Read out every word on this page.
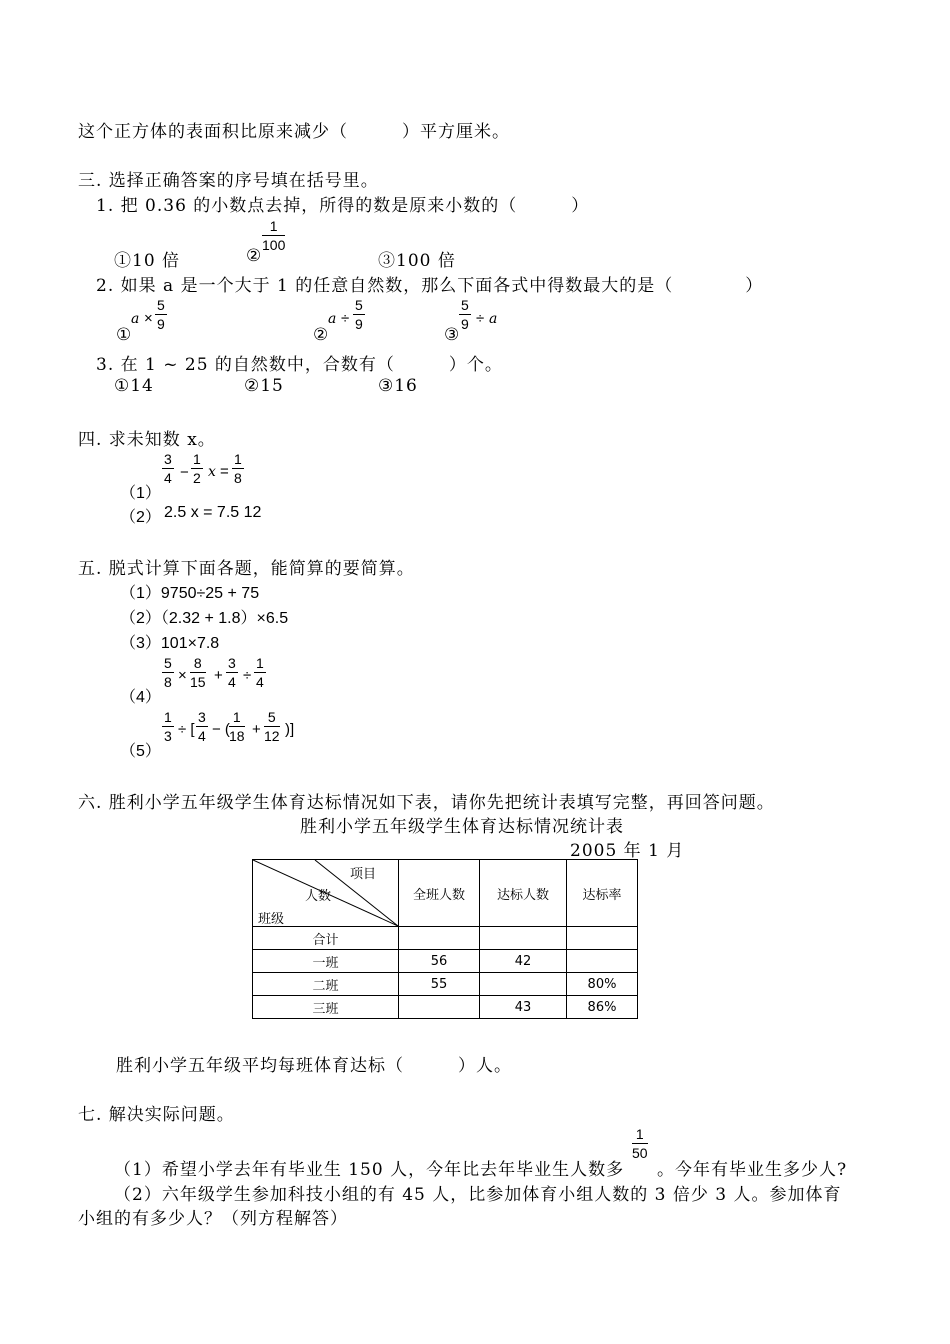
这个正方体的表面积比原来减少（　　　）平方厘米。
三. 选择正确答案的序号填在括号里。
1. 把 0.36 的小数点去掉，所得的数是原来小数的（　　　）
①10 倍	②
1
100
③100 倍
2. 如果 a 是一个大于 1 的任意自然数，那么下面各式中得数最大的是（　　　　）
①
a ×
5
9
②
a ÷
5
9
③
5
9 ÷ a
3. 在 1 ~ 25 的自然数中，合数有（　　　）个。
①14	②15	③16
四. 求未知数 x。
（1）
3
4 −
1
2 x =
1
8
（2） 2.5 x = 7.5 12
五. 脱式计算下面各题，能简算的要简算。
（1）9750÷25 + 75
（2）（2.32 + 1.8）×6.5
（3）101×7.8
（4）
5
8 ×
8
15 +
3
4 ÷
1
4
（5）
1
3 ÷ [
3
4 − (
1
18 +
5
12 )]
六. 胜利小学五年级学生体育达标情况如下表，请你先把统计表填写完整，再回答问题。
胜利小学五年级学生体育达标情况统计表
2005 年 1 月
项目
人数
班级	全班人数	达标人数	达标率
合计			
一班	56	42	
二班	55		80%
三班		43	86%
胜利小学五年级平均每班体育达标（　　　）人。
七. 解决实际问题。
（1）希望小学去年有毕业生 150 人，今年比去年毕业生人数多
1
50
。今年有毕业生多少人?
（2）六年级学生参加科技小组的有 45 人，比参加体育小组人数的 3 倍少 3 人。参加体育
小组的有多少人？（列方程解答）
